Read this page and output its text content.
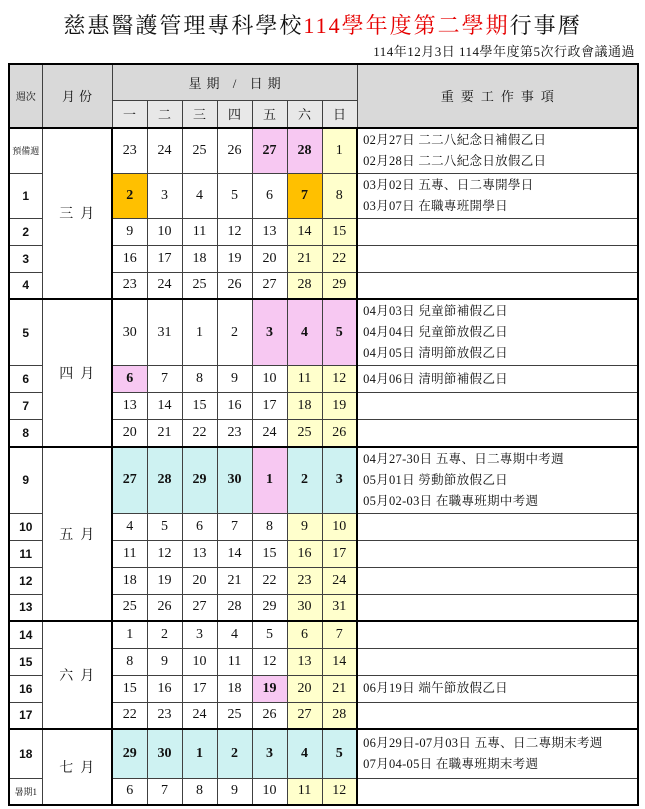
慈惠醫護管理專科學校114學年度第二學期行事曆
114年12月3日 114學年度第5次行政會議通過
週次	月份	星期 / 日期							重要工作事項
		一	二	三	四	五	六	日	
預備週	三月	23	24	25	26	27	28	1	02月27日 二二八紀念日補假乙日
02月28日 二二八紀念日放假乙日

1		2	3	4	5	6	7	8	03月02日 五專、日二專開學日
03月07日 在職專班開學日

2		9	10	11	12	13	14	15	
3		16	17	18	19	20	21	22	
4		23	24	25	26	27	28	29	
5	四月	30	31	1	2	3	4	5	04月03日 兒童節補假乙日
04月04日 兒童節放假乙日
04月05日 清明節放假乙日

6		6	7	8	9	10	11	12	04月06日 清明節補假乙日

7		13	14	15	16	17	18	19	
8		20	21	22	23	24	25	26	
9	五月	27	28	29	30	1	2	3	04月27-30日 五專、日二專期中考週
05月01日 勞動節放假乙日
05月02-03日 在職專班期中考週

10		4	5	6	7	8	9	10	
11		11	12	13	14	15	16	17	
12		18	19	20	21	22	23	24	
13		25	26	27	28	29	30	31	
14	六月	1	2	3	4	5	6	7	
15		8	9	10	11	12	13	14	
16		15	16	17	18	19	20	21	06月19日 端午節放假乙日

17		22	23	24	25	26	27	28	
18	七月	29	30	1	2	3	4	5	06月29日-07月03日 五專、日二專期末考週
07月04-05日 在職專班期末考週

暑期1		6	7	8	9	10	11	12	
